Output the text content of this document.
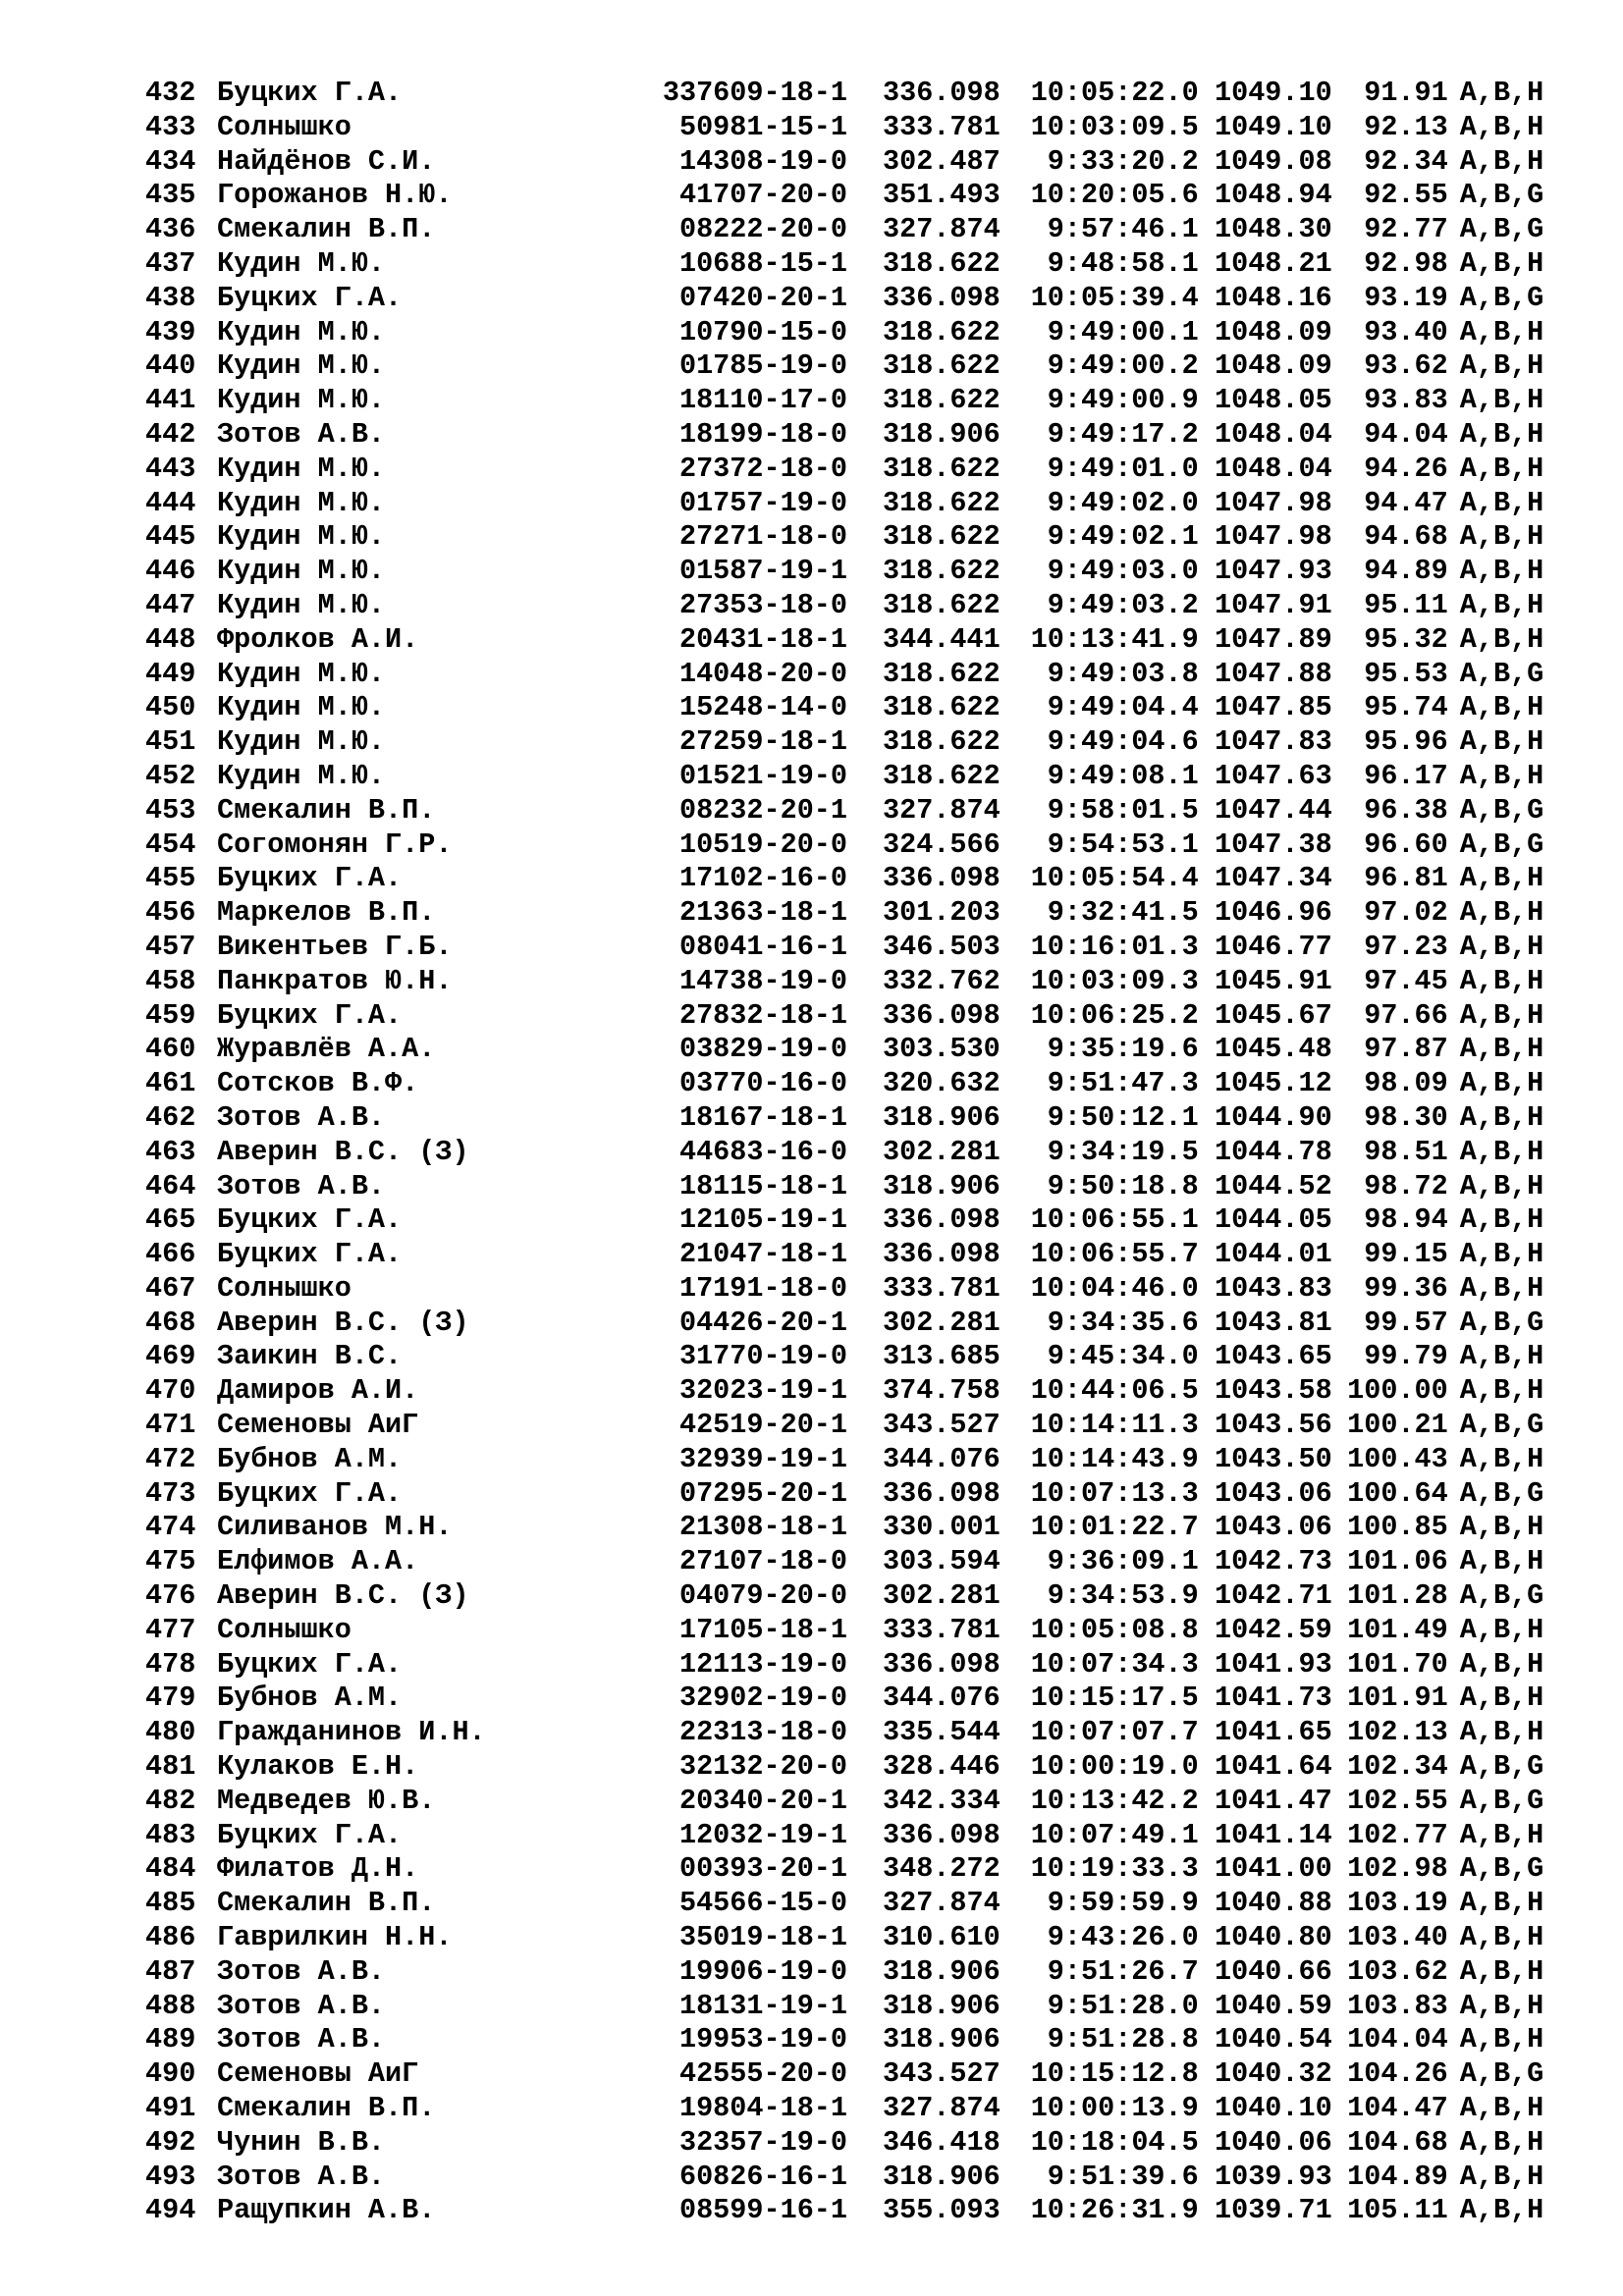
432	Буцких Г.А.	337609-18-1	336.098	10:05:22.0	1049.10	91.91	A,B,H
433	Солнышко	50981-15-1	333.781	10:03:09.5	1049.10	92.13	A,B,H
434	Найдёнов С.И.	14308-19-0	302.487	9:33:20.2	1049.08	92.34	A,B,H
435	Горожанов Н.Ю.	41707-20-0	351.493	10:20:05.6	1048.94	92.55	A,B,G
436	Смекалин В.П.	08222-20-0	327.874	9:57:46.1	1048.30	92.77	A,B,G
437	Кудин М.Ю.	10688-15-1	318.622	9:48:58.1	1048.21	92.98	A,B,H
438	Буцких Г.А.	07420-20-1	336.098	10:05:39.4	1048.16	93.19	A,B,G
439	Кудин М.Ю.	10790-15-0	318.622	9:49:00.1	1048.09	93.40	A,B,H
440	Кудин М.Ю.	01785-19-0	318.622	9:49:00.2	1048.09	93.62	A,B,H
441	Кудин М.Ю.	18110-17-0	318.622	9:49:00.9	1048.05	93.83	A,B,H
442	Зотов А.В.	18199-18-0	318.906	9:49:17.2	1048.04	94.04	A,B,H
443	Кудин М.Ю.	27372-18-0	318.622	9:49:01.0	1048.04	94.26	A,B,H
444	Кудин М.Ю.	01757-19-0	318.622	9:49:02.0	1047.98	94.47	A,B,H
445	Кудин М.Ю.	27271-18-0	318.622	9:49:02.1	1047.98	94.68	A,B,H
446	Кудин М.Ю.	01587-19-1	318.622	9:49:03.0	1047.93	94.89	A,B,H
447	Кудин М.Ю.	27353-18-0	318.622	9:49:03.2	1047.91	95.11	A,B,H
448	Фролков А.И.	20431-18-1	344.441	10:13:41.9	1047.89	95.32	A,B,H
449	Кудин М.Ю.	14048-20-0	318.622	9:49:03.8	1047.88	95.53	A,B,G
450	Кудин М.Ю.	15248-14-0	318.622	9:49:04.4	1047.85	95.74	A,B,H
451	Кудин М.Ю.	27259-18-1	318.622	9:49:04.6	1047.83	95.96	A,B,H
452	Кудин М.Ю.	01521-19-0	318.622	9:49:08.1	1047.63	96.17	A,B,H
453	Смекалин В.П.	08232-20-1	327.874	9:58:01.5	1047.44	96.38	A,B,G
454	Согомонян Г.Р.	10519-20-0	324.566	9:54:53.1	1047.38	96.60	A,B,G
455	Буцких Г.А.	17102-16-0	336.098	10:05:54.4	1047.34	96.81	A,B,H
456	Маркелов В.П.	21363-18-1	301.203	9:32:41.5	1046.96	97.02	A,B,H
457	Викентьев Г.Б.	08041-16-1	346.503	10:16:01.3	1046.77	97.23	A,B,H
458	Панкратов Ю.Н.	14738-19-0	332.762	10:03:09.3	1045.91	97.45	A,B,H
459	Буцких Г.А.	27832-18-1	336.098	10:06:25.2	1045.67	97.66	A,B,H
460	Журавлёв А.А.	03829-19-0	303.530	9:35:19.6	1045.48	97.87	A,B,H
461	Сотсков В.Ф.	03770-16-0	320.632	9:51:47.3	1045.12	98.09	A,B,H
462	Зотов А.В.	18167-18-1	318.906	9:50:12.1	1044.90	98.30	A,B,H
463	Аверин В.С. (З)	44683-16-0	302.281	9:34:19.5	1044.78	98.51	A,B,H
464	Зотов А.В.	18115-18-1	318.906	9:50:18.8	1044.52	98.72	A,B,H
465	Буцких Г.А.	12105-19-1	336.098	10:06:55.1	1044.05	98.94	A,B,H
466	Буцких Г.А.	21047-18-1	336.098	10:06:55.7	1044.01	99.15	A,B,H
467	Солнышко	17191-18-0	333.781	10:04:46.0	1043.83	99.36	A,B,H
468	Аверин В.С. (З)	04426-20-1	302.281	9:34:35.6	1043.81	99.57	A,B,G
469	Заикин В.С.	31770-19-0	313.685	9:45:34.0	1043.65	99.79	A,B,H
470	Дамиров А.И.	32023-19-1	374.758	10:44:06.5	1043.58	100.00	A,B,H
471	Семеновы АиГ	42519-20-1	343.527	10:14:11.3	1043.56	100.21	A,B,G
472	Бубнов А.М.	32939-19-1	344.076	10:14:43.9	1043.50	100.43	A,B,H
473	Буцких Г.А.	07295-20-1	336.098	10:07:13.3	1043.06	100.64	A,B,G
474	Силиванов М.Н.	21308-18-1	330.001	10:01:22.7	1043.06	100.85	A,B,H
475	Елфимов А.А.	27107-18-0	303.594	9:36:09.1	1042.73	101.06	A,B,H
476	Аверин В.С. (З)	04079-20-0	302.281	9:34:53.9	1042.71	101.28	A,B,G
477	Солнышко	17105-18-1	333.781	10:05:08.8	1042.59	101.49	A,B,H
478	Буцких Г.А.	12113-19-0	336.098	10:07:34.3	1041.93	101.70	A,B,H
479	Бубнов А.М.	32902-19-0	344.076	10:15:17.5	1041.73	101.91	A,B,H
480	Гражданинов И.Н.	22313-18-0	335.544	10:07:07.7	1041.65	102.13	A,B,H
481	Кулаков Е.Н.	32132-20-0	328.446	10:00:19.0	1041.64	102.34	A,B,G
482	Медведев Ю.В.	20340-20-1	342.334	10:13:42.2	1041.47	102.55	A,B,G
483	Буцких Г.А.	12032-19-1	336.098	10:07:49.1	1041.14	102.77	A,B,H
484	Филатов Д.Н.	00393-20-1	348.272	10:19:33.3	1041.00	102.98	A,B,G
485	Смекалин В.П.	54566-15-0	327.874	9:59:59.9	1040.88	103.19	A,B,H
486	Гаврилкин Н.Н.	35019-18-1	310.610	9:43:26.0	1040.80	103.40	A,B,H
487	Зотов А.В.	19906-19-0	318.906	9:51:26.7	1040.66	103.62	A,B,H
488	Зотов А.В.	18131-19-1	318.906	9:51:28.0	1040.59	103.83	A,B,H
489	Зотов А.В.	19953-19-0	318.906	9:51:28.8	1040.54	104.04	A,B,H
490	Семеновы АиГ	42555-20-0	343.527	10:15:12.8	1040.32	104.26	A,B,G
491	Смекалин В.П.	19804-18-1	327.874	10:00:13.9	1040.10	104.47	A,B,H
492	Чунин В.В.	32357-19-0	346.418	10:18:04.5	1040.06	104.68	A,B,H
493	Зотов А.В.	60826-16-1	318.906	9:51:39.6	1039.93	104.89	A,B,H
494	Ращупкин А.В.	08599-16-1	355.093	10:26:31.9	1039.71	105.11	A,B,H
